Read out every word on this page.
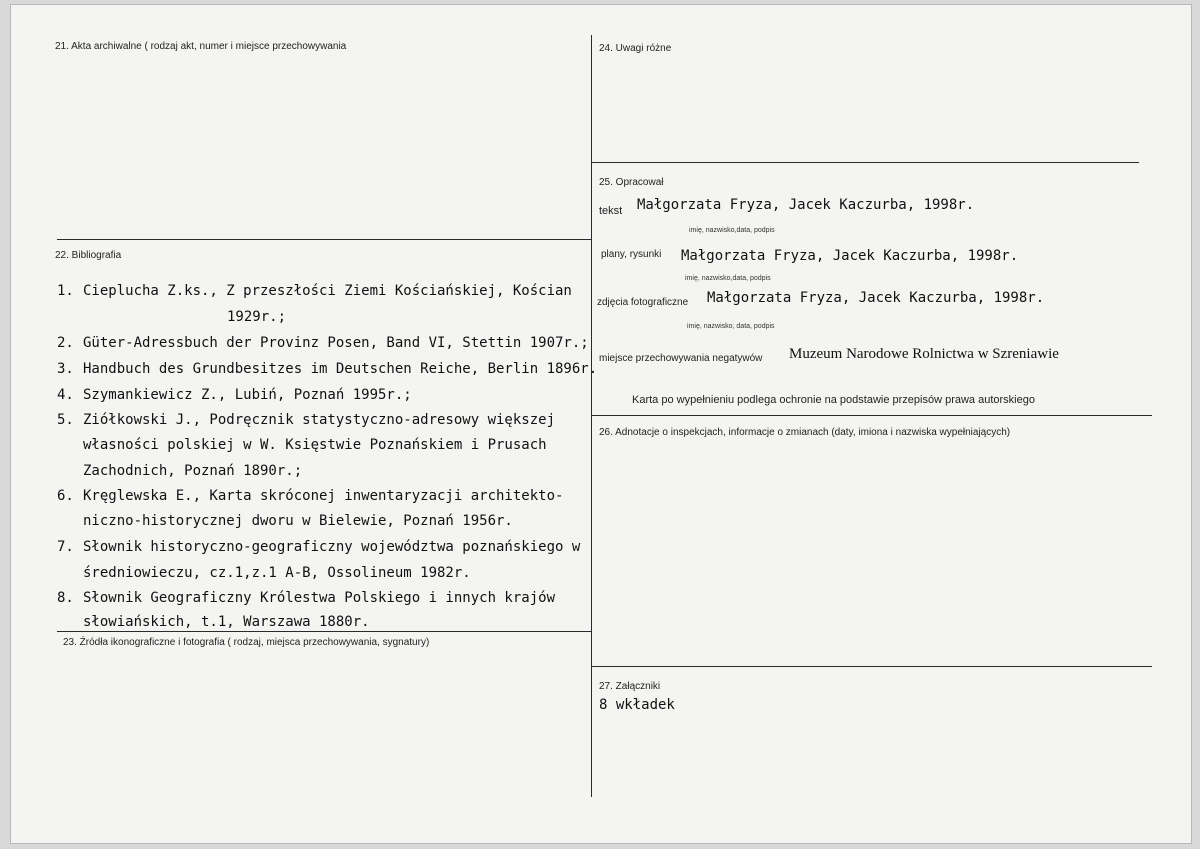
21. Akta archiwalne ( rodzaj akt, numer i miejsce przechowywania
22. Bibliografia
1. Cieplucha Z.ks., Z przeszłości Ziemi Kościańskiej, Kościan
1929r.;
2. Güter-Adressbuch der Provinz Posen, Band VI, Stettin 1907r.;
3. Handbuch des Grundbesitzes im Deutschen Reiche, Berlin 1896r.
4. Szymankiewicz Z., Lubiń, Poznań 1995r.;
5. Ziółkowski J., Podręcznik statystyczno-adresowy większej
własności polskiej w W. Księstwie Poznańskiem i Prusach
Zachodnich, Poznań 1890r.;
6. Kręglewska E., Karta skróconej inwentaryzacji architekto-
niczno-historycznej dworu w Bielewie, Poznań 1956r.
7. Słownik historyczno-geograficzny województwa poznańskiego w
średniowieczu, cz.1,z.1 A-B, Ossolineum 1982r.
8. Słownik Geograficzny Królestwa Polskiego i innych krajów
słowiańskich, t.1, Warszawa 1880r.
23. Źródła ikonograficzne i fotografia ( rodzaj, miejsca przechowywania, sygnatury)
24. Uwagi różne
25. Opracował
tekst Małgorzata Fryza, Jacek Kaczurba, 1998r.
imię, nazwisko,data, podpis
plany, rysunki Małgorzata Fryza, Jacek Kaczurba, 1998r.
imię, nazwisko,data, podpis
zdjęcia fotograficzne Małgorzata Fryza, Jacek Kaczurba, 1998r.
imię, nazwisko, data, podpis
miejsce przechowywania negatywów Muzeum Narodowe Rolnictwa w Szreniawie
Karta po wypełnieniu podlega ochronie na podstawie przepisów prawa autorskiego
26. Adnotacje o inspekcjach, informacje o zmianach (daty, imiona i nazwiska wypełniających)
27. Załączniki
8 wkładek
